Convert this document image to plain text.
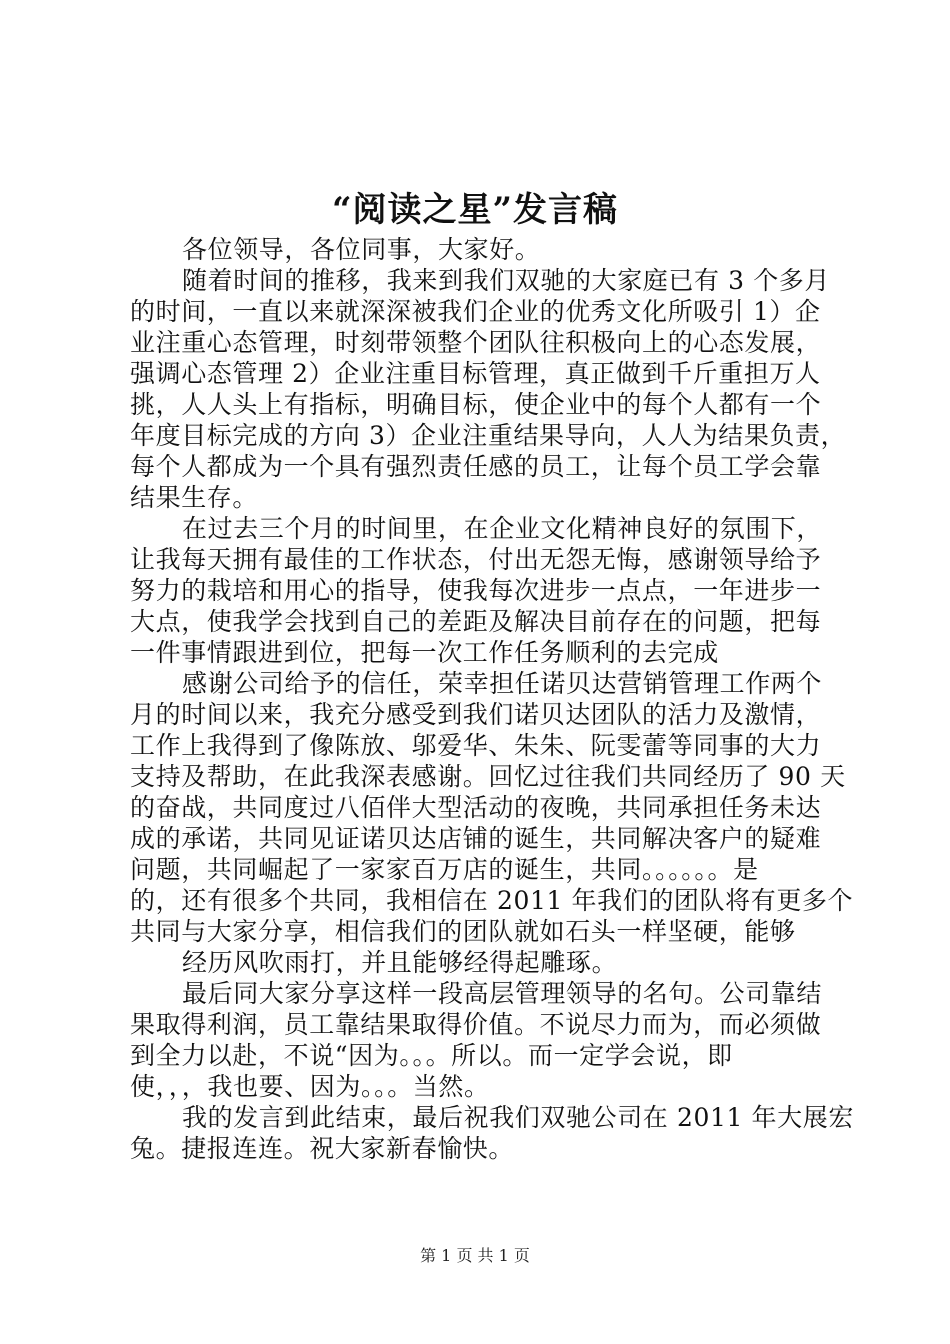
“阅读之星”发言稿
各位领导，各位同事，大家好。
随着时间的推移，我来到我们双驰的大家庭已有 3 个多月
的时间，一直以来就深深被我们企业的优秀文化所吸引 1）企
业注重心态管理，时刻带领整个团队往积极向上的心态发展，
强调心态管理 2）企业注重目标管理，真正做到千斤重担万人
挑，人人头上有指标，明确目标，使企业中的每个人都有一个
年度目标完成的方向 3）企业注重结果导向，人人为结果负责，
每个人都成为一个具有强烈责任感的员工，让每个员工学会靠
结果生存。
在过去三个月的时间里，在企业文化精神良好的氛围下，
让我每天拥有最佳的工作状态，付出无怨无悔，感谢领导给予
努力的栽培和用心的指导，使我每次进步一点点，一年进步一
大点，使我学会找到自己的差距及解决目前存在的问题，把每
一件事情跟进到位，把每一次工作任务顺利的去完成
感谢公司给予的信任，荣幸担任诺贝达营销管理工作两个
月的时间以来，我充分感受到我们诺贝达团队的活力及激情，
工作上我得到了像陈放、邬爱华、朱朱、阮雯蕾等同事的大力
支持及帮助，在此我深表感谢。回忆过往我们共同经历了 90 天
的奋战，共同度过八佰伴大型活动的夜晚，共同承担任务未达
成的承诺，共同见证诺贝达店铺的诞生，共同解决客户的疑难
问题，共同崛起了一家家百万店的诞生，共同。。。。。。是
的，还有很多个共同，我相信在 2011 年我们的团队将有更多个
共同与大家分享，相信我们的团队就如石头一样坚硬，能够
经历风吹雨打，并且能够经得起雕琢。
最后同大家分享这样一段高层管理领导的名句。公司靠结
果取得利润，员工靠结果取得价值。不说尽力而为，而必须做
到全力以赴，不说“因为。。。所以。而一定学会说，即
使，，，我也要、因为。。。当然。
我的发言到此结束，最后祝我们双驰公司在 2011 年大展宏
兔。捷报连连。祝大家新春愉快。
第 1 页 共 1 页
